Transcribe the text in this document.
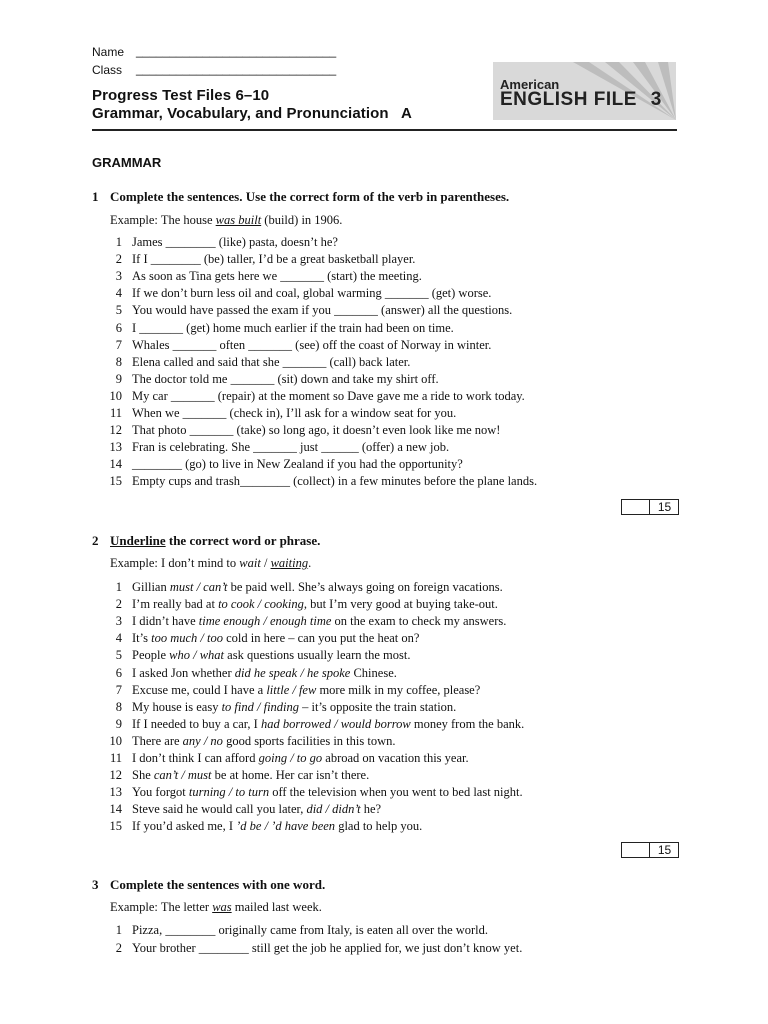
Name ______________________________
Class ______________________________
Progress Test Files 6–10
Grammar, Vocabulary, and Pronunciation A
American
ENGLISH FILE 3
GRAMMAR
1 Complete the sentences. Use the correct form of the verb in parentheses.
Example: The house was built (build) in 1906.
1 James ________ (like) pasta, doesn’t he?
2 If I ________ (be) taller, I’d be a great basketball player.
3 As soon as Tina gets here we _______ (start) the meeting.
4 If we don’t burn less oil and coal, global warming _______ (get) worse.
5 You would have passed the exam if you _______ (answer) all the questions.
6 I _______ (get) home much earlier if the train had been on time.
7 Whales _______ often _______ (see) off the coast of Norway in winter.
8 Elena called and said that she _______ (call) back later.
9 The doctor told me _______ (sit) down and take my shirt off.
10 My car _______ (repair) at the moment so Dave gave me a ride to work today.
11 When we _______ (check in), I’ll ask for a window seat for you.
12 That photo _______ (take) so long ago, it doesn’t even look like me now!
13 Fran is celebrating. She _______ just ______ (offer) a new job.
14 ________ (go) to live in New Zealand if you had the opportunity?
15 Empty cups and trash________ (collect) in a few minutes before the plane lands.
15
2 Underline the correct word or phrase.
Example: I don’t mind to wait / waiting.
1 Gillian must / can’t be paid well. She’s always going on foreign vacations.
2 I’m really bad at to cook / cooking, but I’m very good at buying take-out.
3 I didn’t have time enough / enough time on the exam to check my answers.
4 It’s too much / too cold in here – can you put the heat on?
5 People who / what ask questions usually learn the most.
6 I asked Jon whether did he speak / he spoke Chinese.
7 Excuse me, could I have a little / few more milk in my coffee, please?
8 My house is easy to find / finding – it’s opposite the train station.
9 If I needed to buy a car, I had borrowed / would borrow money from the bank.
10 There are any / no good sports facilities in this town.
11 I don’t think I can afford going / to go abroad on vacation this year.
12 She can’t / must be at home. Her car isn’t there.
13 You forgot turning / to turn off the television when you went to bed last night.
14 Steve said he would call you later, did / didn’t he?
15 If you’d asked me, I ’d be / ’d have been glad to help you.
15
3 Complete the sentences with one word.
Example: The letter was mailed last week.
1 Pizza, ________ originally came from Italy, is eaten all over the world.
2 Your brother ________ still get the job he applied for, we just don’t know yet.
